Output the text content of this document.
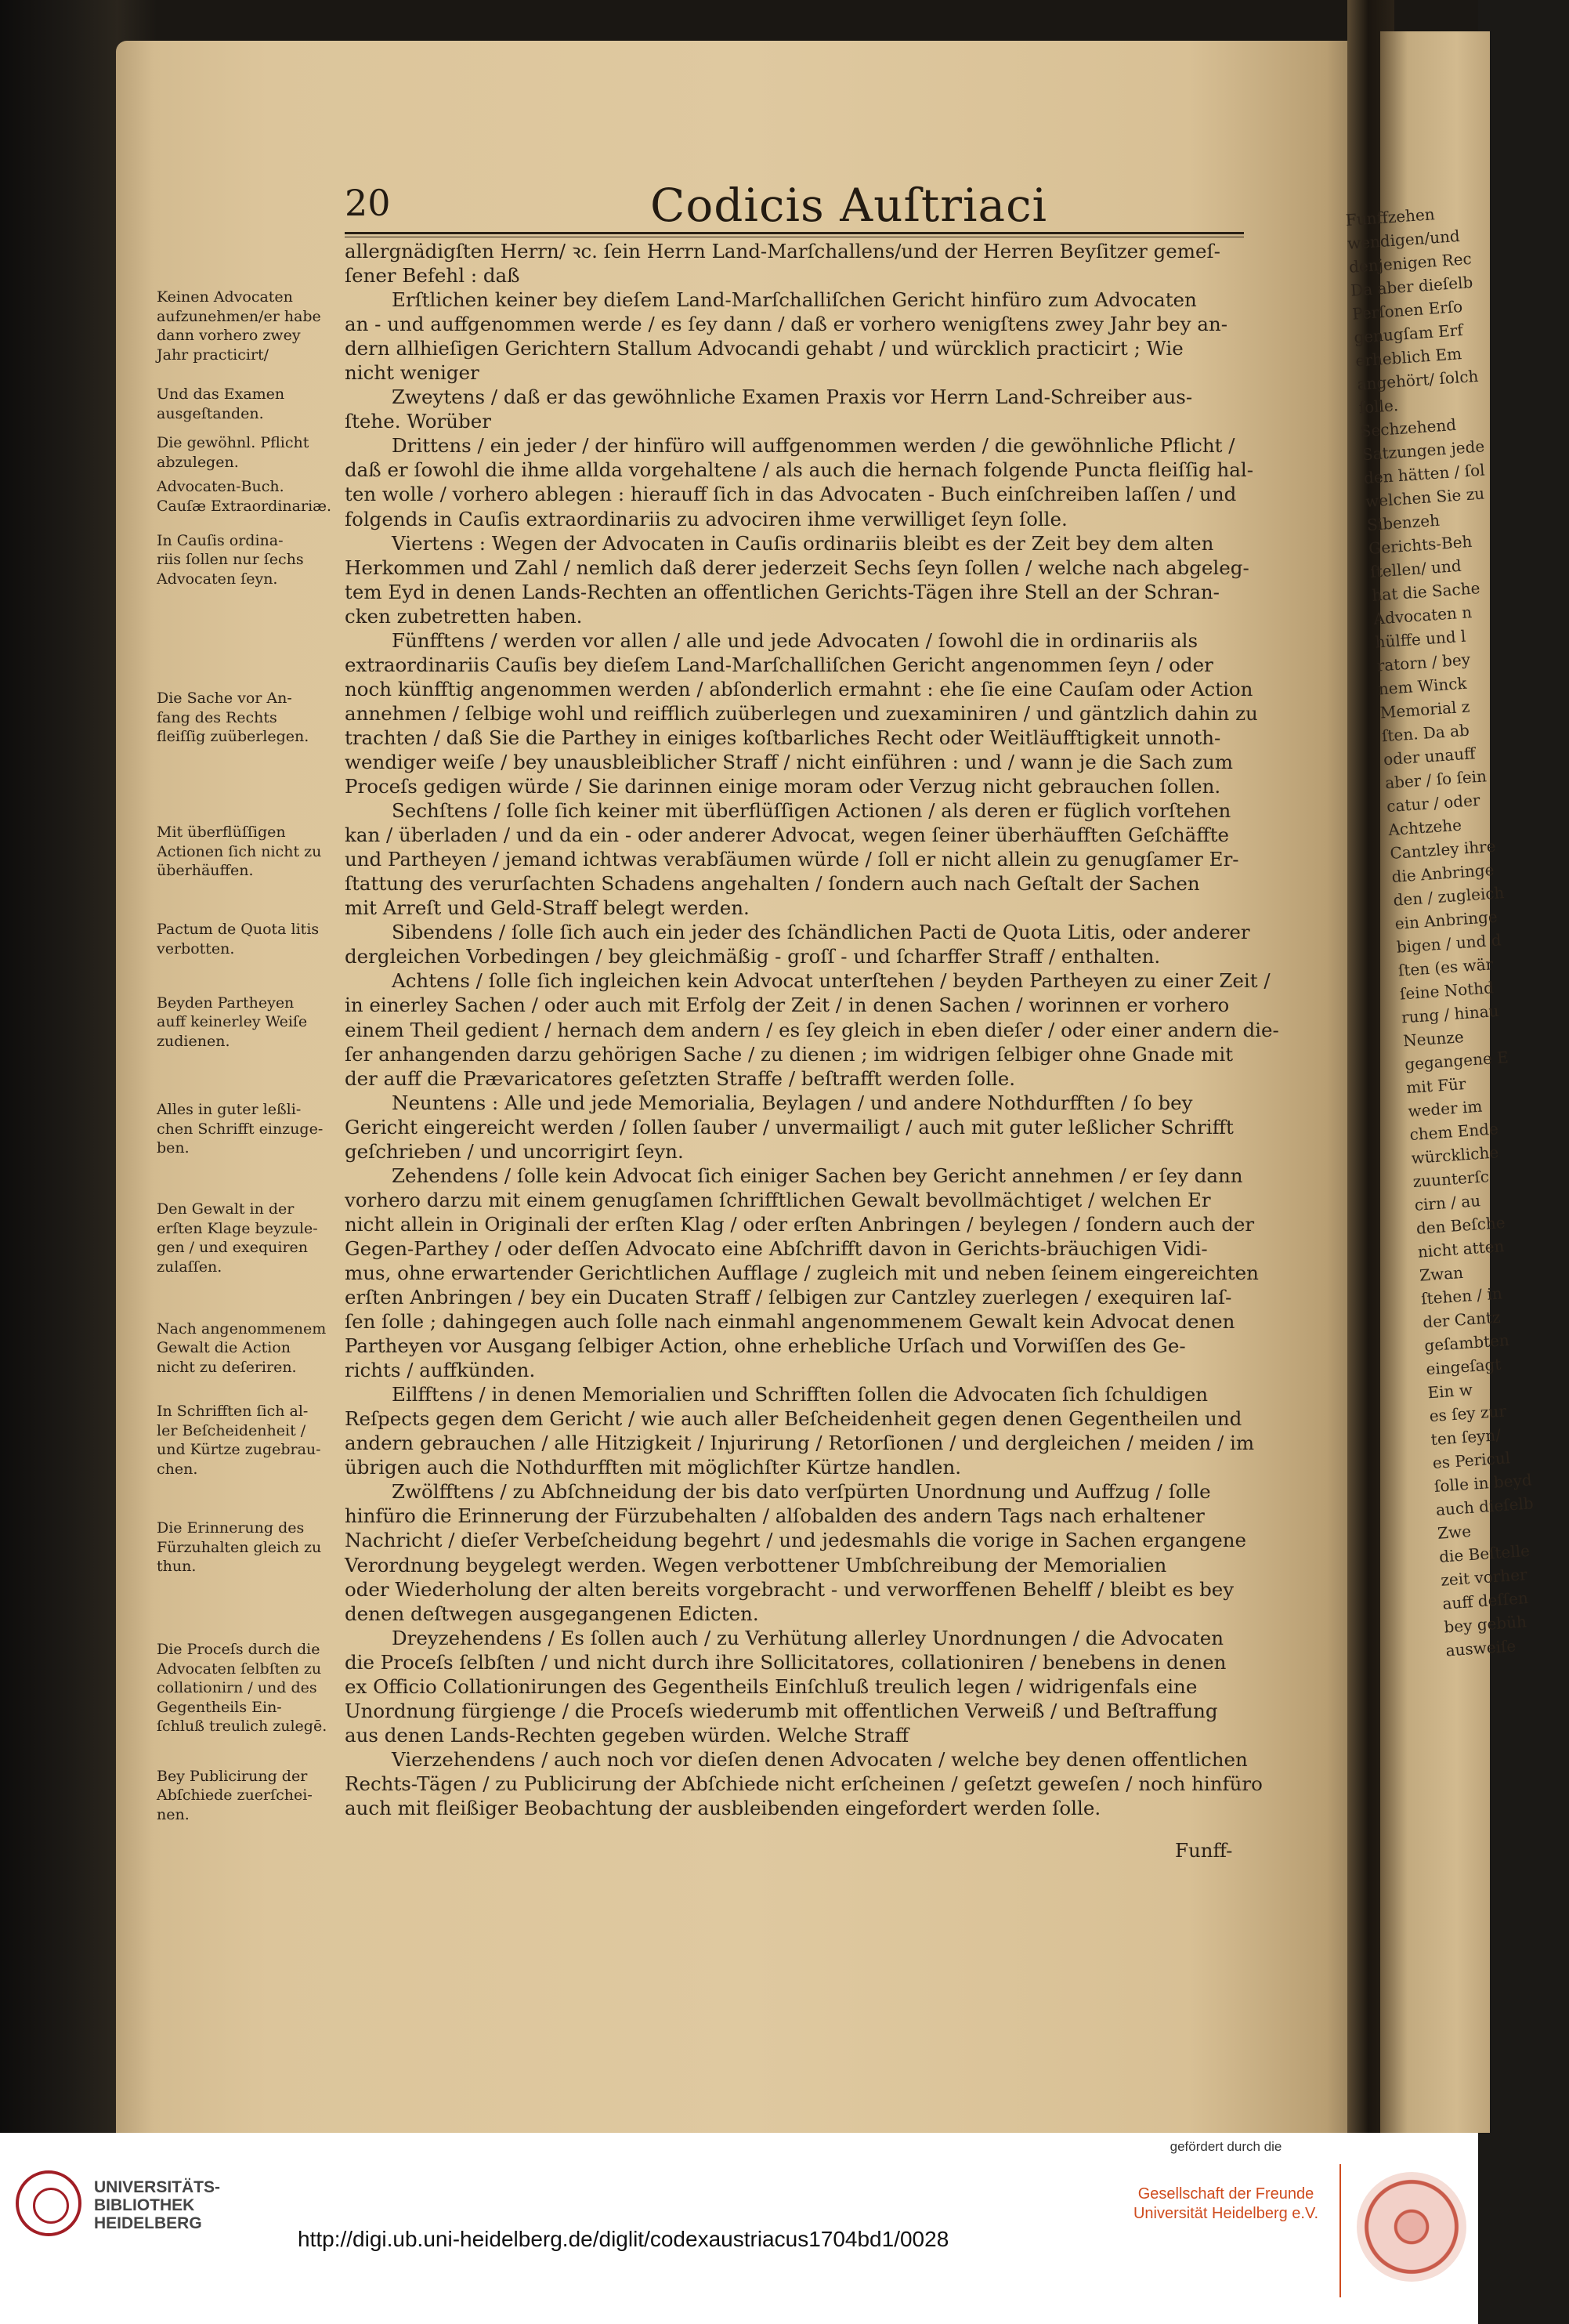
Funffzehen
wendigen/und
denjenigen Rec
Da aber dieſelb
Perſonen Erſo
genugſam Erf
erheblich Em
angehört/ ſolch
ſolle.
Sechzehend
Satzungen jede
den hätten / ſol
welchen Sie zu
Sibenzeh
Gerichts-Beh
ſtellen/ und
hat die Sache
Advocaten n
hülffe und l
ratorn / bey
nem Winck
Memorial z
ſten. Da ab
oder unauff
aber / ſo ſein
catur / oder
Achtzehe
Cantzley ihre
die Anbringe
den / zugleich
ein Anbringe
bigen / und d
ſten (es wär
ſeine Nothd
rung / hinau
Neunze
gegangene E
mit Für
weder im
chem Ende
würckliche
zuunterſc
cirn / au
den Beſche
nicht atten
Zwan
ſtehen / in
der Cantz
geſambten
eingeſagt
Ein w
es ſey zur
ten ſeyn/
es Pericul
ſolle in beyd
auch dieſelb
Zwe
die Beſtelle
zeit vorher
auff deſſen
bey gebüh
ausweiſe
20	Codicis Auſtriaci
Keinen Advocaten
aufzunehmen/er habe
dann vorhero zwey
Jahr practicirt/
Und das Examen
ausgeſtanden.
Die gewöhnl. Pflicht
abzulegen.
Advocaten-Buch.
Cauſæ Extraordinariæ.
In Cauſis ordina-
riis ſollen nur ſechs
Advocaten ſeyn.
Die Sache vor An-
fang des Rechts
fleiſſig zuüberlegen.
Mit überflüſſigen
Actionen ſich nicht zu
überhäuffen.
Pactum de Quota litis
verbotten.
Beyden Partheyen
auff keinerley Weiſe
zudienen.
Alles in guter leßli-
chen Schrifft einzuge-
ben.
Den Gewalt in der
erſten Klage beyzule-
gen / und exequiren
zulaſſen.
Nach angenommenem
Gewalt die Action
nicht zu deſeriren.
In Schrifften ſich al-
ler Beſcheidenheit /
und Kürtze zugebrau-
chen.
Die Erinnerung des
Fürzuhalten gleich zu
thun.
Die Proceſs durch die
Advocaten ſelbſten zu
collationirn / und des
Gegentheils Ein-
ſchluß treulich zulegē.
Bey Publicirung der
Abſchiede zuerſchei-
nen.
allergnädigſten Herrn/ ꝛc. ſein Herrn Land-Marſchallens/und der Herren Beyſitzer gemeſ-
ſener Befehl : daß
Erſtlichen keiner bey dieſem Land-Marſchalliſchen Gericht hinfüro zum Advocaten
an - und auffgenommen werde / es ſey dann / daß er vorhero wenigſtens zwey Jahr bey an-
dern allhieſigen Gerichtern Stallum Advocandi gehabt / und würcklich practicirt ; Wie
nicht weniger
Zweytens / daß er das gewöhnliche Examen Praxis vor Herrn Land-Schreiber aus-
ſtehe. Worüber
Drittens / ein jeder / der hinfüro will auffgenommen werden / die gewöhnliche Pflicht /
daß er ſowohl die ihme allda vorgehaltene / als auch die hernach folgende Puncta fleiſſig hal-
ten wolle / vorhero ablegen : hierauff ſich in das Advocaten - Buch einſchreiben laſſen / und
folgends in Cauſis extraordinariis zu advociren ihme verwilliget ſeyn ſolle.
Viertens : Wegen der Advocaten in Cauſis ordinariis bleibt es der Zeit bey dem alten
Herkommen und Zahl / nemlich daß derer jederzeit Sechs ſeyn ſollen / welche nach abgeleg-
tem Eyd in denen Lands-Rechten an offentlichen Gerichts-Tägen ihre Stell an der Schran-
cken zubetretten haben.
Fünfftens / werden vor allen / alle und jede Advocaten / ſowohl die in ordinariis als
extraordinariis Cauſis bey dieſem Land-Marſchalliſchen Gericht angenommen ſeyn / oder
noch künfftig angenommen werden / abſonderlich ermahnt : ehe ſie eine Cauſam oder Action
annehmen / ſelbige wohl und reifflich zuüberlegen und zuexaminiren / und gäntzlich dahin zu
trachten / daß Sie die Parthey in einiges koſtbarliches Recht oder Weitläufftigkeit unnoth-
wendiger weiſe / bey unausbleiblicher Straff / nicht einführen : und / wann je die Sach zum
Proceſs gedigen würde / Sie darinnen einige moram oder Verzug nicht gebrauchen ſollen.
Sechſtens / ſolle ſich keiner mit überflüſſigen Actionen / als deren er füglich vorſtehen
kan / überladen / und da ein - oder anderer Advocat, wegen ſeiner überhäufften Geſchäffte
und Partheyen / jemand ichtwas verabſäumen würde / ſoll er nicht allein zu genugſamer Er-
ſtattung des verurſachten Schadens angehalten / ſondern auch nach Geſtalt der Sachen
mit Arreſt und Geld-Straff belegt werden.
Sibendens / ſolle ſich auch ein jeder des ſchändlichen Pacti de Quota Litis, oder anderer
dergleichen Vorbedingen / bey gleichmäßig - groſſ - und ſcharffer Straff / enthalten.
Achtens / ſolle ſich ingleichen kein Advocat unterſtehen / beyden Partheyen zu einer Zeit /
in einerley Sachen / oder auch mit Erfolg der Zeit / in denen Sachen / worinnen er vorhero
einem Theil gedient / hernach dem andern / es ſey gleich in eben dieſer / oder einer andern die-
ſer anhangenden darzu gehörigen Sache / zu dienen ; im widrigen ſelbiger ohne Gnade mit
der auff die Prævaricatores geſetzten Straffe / beſtrafft werden ſolle.
Neuntens : Alle und jede Memorialia, Beylagen / und andere Nothdurfften / ſo bey
Gericht eingereicht werden / ſollen ſauber / unvermailigt / auch mit guter leßlicher Schrifft
geſchrieben / und uncorrigirt ſeyn.
Zehendens / ſolle kein Advocat ſich einiger Sachen bey Gericht annehmen / er ſey dann
vorhero darzu mit einem genugſamen ſchrifftlichen Gewalt bevollmächtiget / welchen Er
nicht allein in Originali der erſten Klag / oder erſten Anbringen / beylegen / ſondern auch der
Gegen-Parthey / oder deſſen Advocato eine Abſchrifft davon in Gerichts-bräuchigen Vidi-
mus, ohne erwartender Gerichtlichen Aufflage / zugleich mit und neben ſeinem eingereichten
erſten Anbringen / bey ein Ducaten Straff / ſelbigen zur Cantzley zuerlegen / exequiren laſ-
ſen ſolle ; dahingegen auch ſolle nach einmahl angenommenem Gewalt kein Advocat denen
Partheyen vor Ausgang ſelbiger Action, ohne erhebliche Urſach und Vorwiſſen des Ge-
richts / auffkünden.
Eilfftens / in denen Memorialien und Schrifften ſollen die Advocaten ſich ſchuldigen
Reſpects gegen dem Gericht / wie auch aller Beſcheidenheit gegen denen Gegentheilen und
andern gebrauchen / alle Hitzigkeit / Injurirung / Retorſionen / und dergleichen / meiden / im
übrigen auch die Nothdurfften mit möglichſter Kürtze handlen.
Zwölfftens / zu Abſchneidung der bis dato verſpürten Unordnung und Auffzug / ſolle
hinfüro die Erinnerung der Fürzubehalten / alſobalden des andern Tags nach erhaltener
Nachricht / dieſer Verbeſcheidung begehrt / und jedesmahls die vorige in Sachen ergangene
Verordnung beygelegt werden. Wegen verbottener Umbſchreibung der Memorialien
oder Wiederholung der alten bereits vorgebracht - und verworffenen Behelff / bleibt es bey
denen deſtwegen ausgegangenen Edicten.
Dreyzehendens / Es ſollen auch / zu Verhütung allerley Unordnungen / die Advocaten
die Proceſs ſelbſten / und nicht durch ihre Sollicitatores, collationiren / benebens in denen
ex Officio Collationirungen des Gegentheils Einſchluß treulich legen / widrigenfals eine
Unordnung fürgienge / die Proceſs wiederumb mit offentlichen Verweiß / und Beſtraffung
aus denen Lands-Rechten gegeben würden. Welche Straff
Vierzehendens / auch noch vor dieſen denen Advocaten / welche bey denen offentlichen
Rechts-Tägen / zu Publicirung der Abſchiede nicht erſcheinen / geſetzt geweſen / noch hinfüro
auch mit fleißiger Beobachtung der ausbleibenden eingefordert werden ſolle.
Funff-
UNIVERSITÄTS-
BIBLIOTHEK
HEIDELBERG
http://digi.ub.uni-heidelberg.de/diglit/codexaustriacus1704bd1/0028
gefördert durch die
Gesellschaft der Freunde
Universität Heidelberg e.V.
